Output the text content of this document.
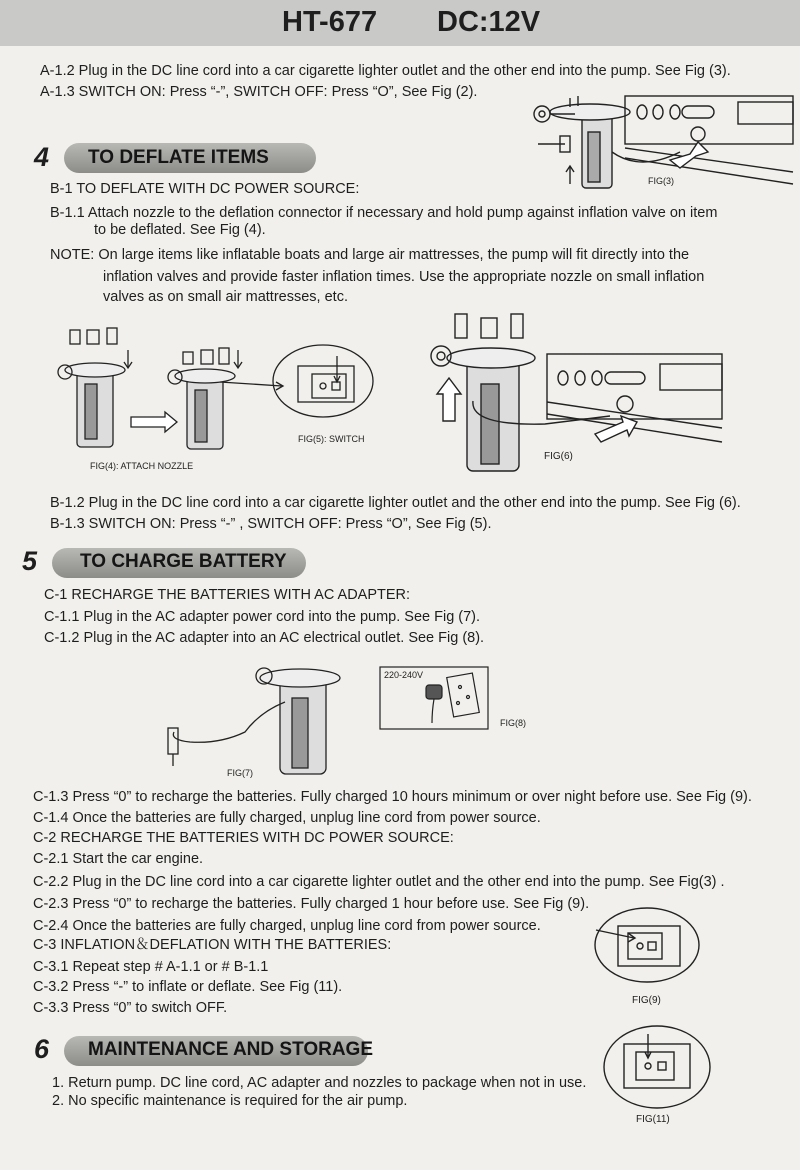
HT-677 DC:12V
A-1.2 Plug in the DC line cord into a car cigarette lighter outlet and the other end into the pump. See Fig (3).
A-1.3 SWITCH ON: Press “-”, SWITCH OFF: Press “O”, See Fig (2).
FIG(3)
4 TO DEFLATE ITEMS
B-1 TO DEFLATE WITH DC POWER SOURCE:
B-1.1 Attach nozzle to the deflation connector if necessary and hold pump against inflation valve on item
to be deflated. See Fig (4).
NOTE: On large items like inflatable boats and large air mattresses, the pump will fit directly into the
inflation valves and provide faster inflation times. Use the appropriate nozzle on small inflation
valves as on small air mattresses, etc.
FIG(4): ATTACH NOZZLE
FIG(5): SWITCH
FIG(6)
B-1.2 Plug in the DC line cord into a car cigarette lighter outlet and the other end into the pump. See Fig (6).
B-1.3 SWITCH ON: Press “-” , SWITCH OFF: Press “O”, See Fig (5).
5 TO CHARGE BATTERY
C-1 RECHARGE THE BATTERIES WITH AC ADAPTER:
C-1.1 Plug in the AC adapter power cord into the pump. See Fig (7).
C-1.2 Plug in the AC adapter into an AC electrical outlet. See Fig (8).
FIG(7)
220-240V
FIG(8)
C-1.3 Press “0” to recharge the batteries. Fully charged 10 hours minimum or over night before use. See Fig (9).
C-1.4 Once the batteries are fully charged, unplug line cord from power source.
C-2 RECHARGE THE BATTERIES WITH DC POWER SOURCE:
C-2.1 Start the car engine.
C-2.2 Plug in the DC line cord into a car cigarette lighter outlet and the other end into the pump. See Fig(3) .
C-2.3 Press “0” to recharge the batteries. Fully charged 1 hour before use. See Fig (9).
C-2.4 Once the batteries are fully charged, unplug line cord from power source.
C-3 INFLATION＆DEFLATION WITH THE BATTERIES:
C-3.1 Repeat step # A-1.1 or # B-1.1
C-3.2 Press “-” to inflate or deflate. See Fig (11).
C-3.3 Press “0” to switch OFF.	FIG(9)
6 MAINTENANCE AND STORAGE
1. Return pump. DC line cord, AC adapter and nozzles to package when not in use.
2. No specific maintenance is required for the air pump.
FIG(11)
